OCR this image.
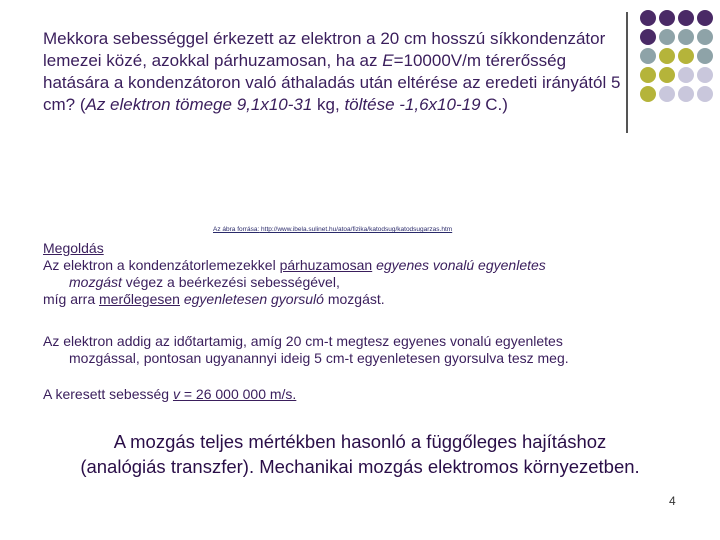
Mekkora sebességgel érkezett az elektron a 20 cm hosszú síkkondenzátor lemezei közé, azokkal párhuzamosan, ha az E=10000V/m térerősség hatására a kondenzátoron való áthaladás után eltérése az eredeti irányától 5 cm? (Az elektron tömege 9,1x10-31 kg, töltése -1,6x10-19 C.)
Az ábra forrása: http://www.ibela.sulinet.hu/atoa/fizika/katodsug/katodsugarzas.htm
Megoldás
Az elektron a kondenzátorlemezekkel párhuzamosan egyenes vonalú egyenletes
mozgást végez a beérkezési sebességével,
míg arra merőlegesen egyenletesen gyorsuló mozgást.
Az elektron addig az időtartamig, amíg 20 cm-t megtesz egyenes vonalú egyenletes
mozgással, pontosan ugyanannyi ideig 5 cm-t egyenletesen gyorsulva tesz meg.
A keresett sebesség v = 26 000 000 m/s.
A mozgás teljes mértékben hasonló a függőleges hajításhoz
(analógiás transzfer). Mechanikai mozgás elektromos környezetben.
4
